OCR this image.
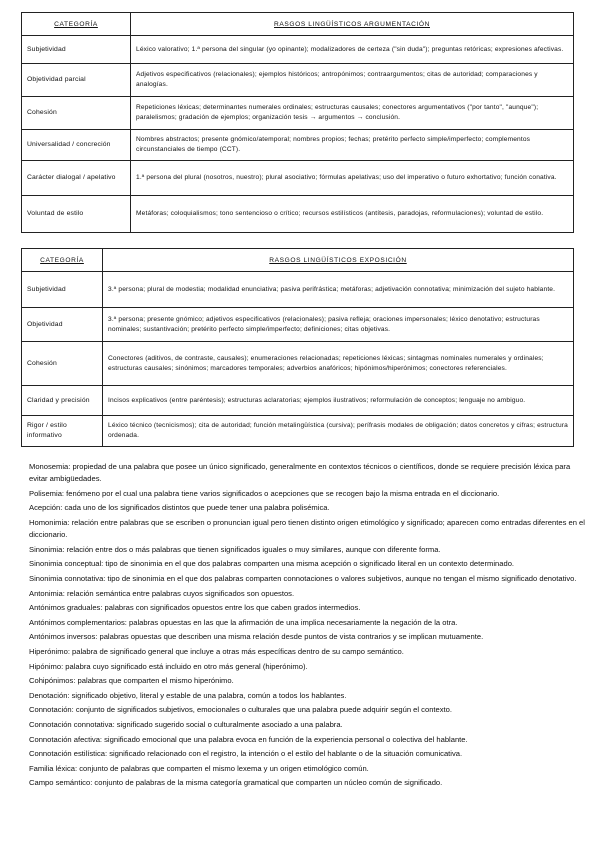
CATEGORÍA	RASGOS LINGÜÍSTICOS ARGUMENTACIÓN
Subjetividad	Léxico valorativo; 1.ª persona del singular (yo opinante); modalizadores de certeza ("sin duda"); preguntas retóricas; expresiones afectivas.
Objetividad parcial	Adjetivos especificativos (relacionales); ejemplos históricos; antropónimos; contraargumentos; citas de autoridad; comparaciones y analogías.
Cohesión	Repeticiones léxicas; determinantes numerales ordinales; estructuras causales; conectores argumentativos ("por tanto", "aunque"); paralelismos; gradación de ejemplos; organización tesis → argumentos → conclusión.
Universalidad / concreción	Nombres abstractos; presente gnómico/atemporal; nombres propios; fechas; pretérito perfecto simple/imperfecto; complementos circunstanciales de tiempo (CCT).
Carácter dialogal / apelativo	1.ª persona del plural (nosotros, nuestro); plural asociativo; fórmulas apelativas; uso del imperativo o futuro exhortativo; función conativa.
Voluntad de estilo	Metáforas; coloquialismos; tono sentencioso o crítico; recursos estilísticos (antítesis, paradojas, reformulaciones); voluntad de estilo.
CATEGORÍA	RASGOS LINGÜÍSTICOS EXPOSICIÓN
Subjetividad	3.ª persona; plural de modestia; modalidad enunciativa; pasiva perifrástica; metáforas; adjetivación connotativa; minimización del sujeto hablante.
Objetividad	3.ª persona; presente gnómico; adjetivos especificativos (relacionales); pasiva refleja; oraciones impersonales; léxico denotativo; estructuras nominales; sustantivación; pretérito perfecto simple/imperfecto; definiciones; citas objetivas.
Cohesión	Conectores (aditivos, de contraste, causales); enumeraciones relacionadas; repeticiones léxicas; sintagmas nominales numerales y ordinales; estructuras causales; sinónimos; marcadores temporales; adverbios anafóricos; hipónimos/hiperónimos; conectores referenciales.
Claridad y precisión	Incisos explicativos (entre paréntesis); estructuras aclaratorias; ejemplos ilustrativos; reformulación de conceptos; lenguaje no ambiguo.
Rigor / estilo informativo	Léxico técnico (tecnicismos); cita de autoridad; función metalingüística (cursiva); perífrasis modales de obligación; datos concretos y cifras; estructura ordenada.

Monosemia: propiedad de una palabra que posee un único significado, generalmente en contextos técnicos o científicos, donde se requiere precisión léxica para evitar ambigüedades.

Polisemia: fenómeno por el cual una palabra tiene varios significados o acepciones que se recogen bajo la misma entrada en el diccionario.

Acepción: cada uno de los significados distintos que puede tener una palabra polisémica.

Homonimia: relación entre palabras que se escriben o pronuncian igual pero tienen distinto origen etimológico y significado; aparecen como entradas diferentes en el diccionario.

Sinonimia: relación entre dos o más palabras que tienen significados iguales o muy similares, aunque con diferente forma.

Sinonimia conceptual: tipo de sinonimia en el que dos palabras comparten una misma acepción o significado literal en un contexto determinado.

Sinonimia connotativa: tipo de sinonimia en el que dos palabras comparten connotaciones o valores subjetivos, aunque no tengan el mismo significado denotativo.

Antonimia: relación semántica entre palabras cuyos significados son opuestos.

Antónimos graduales: palabras con significados opuestos entre los que caben grados intermedios.

Antónimos complementarios: palabras opuestas en las que la afirmación de una implica necesariamente la negación de la otra.

Antónimos inversos: palabras opuestas que describen una misma relación desde puntos de vista contrarios y se implican mutuamente.

Hiperónimo: palabra de significado general que incluye a otras más específicas dentro de su campo semántico.

Hipónimo: palabra cuyo significado está incluido en otro más general (hiperónimo).

Cohipónimos: palabras que comparten el mismo hiperónimo.

Denotación: significado objetivo, literal y estable de una palabra, común a todos los hablantes.

Connotación: conjunto de significados subjetivos, emocionales o culturales que una palabra puede adquirir según el contexto.

Connotación connotativa: significado sugerido social o culturalmente asociado a una palabra.

Connotación afectiva: significado emocional que una palabra evoca en función de la experiencia personal o colectiva del hablante.

Connotación estilística: significado relacionado con el registro, la intención o el estilo del hablante o de la situación comunicativa.

Familia léxica: conjunto de palabras que comparten el mismo lexema y un origen etimológico común.

Campo semántico: conjunto de palabras de la misma categoría gramatical que comparten un núcleo común de significado.
